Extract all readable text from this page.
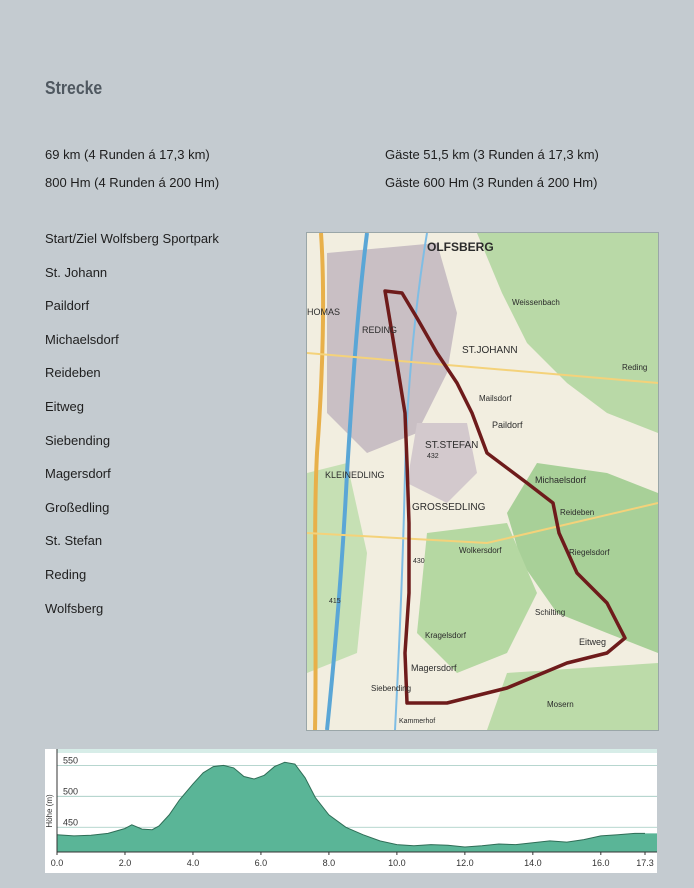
Strecke
69 km (4 Runden á 17,3 km)
800 Hm (4 Runden á 200 Hm)
Gäste 51,5 km (3 Runden á 17,3 km)
Gäste 600 Hm (3 Runden á 200 Hm)
Start/Ziel Wolfsberg Sportpark
St. Johann
Paildorf
Michaelsdorf
Reideben
Eitweg
Siebending
Magersdorf
Großedling
St. Stefan
Reding
Wolfsberg
OLFSBERG
HOMAS
REDING
Weissenbach
ST.JOHANN
Reding
Mailsdorf
Paildorf
ST.STEFAN
432
KLEINEDLING	Michaelsdorf
GROSSEDLING	Reideben
Riegelsdorf
Wolkersdorf
430
415
Schilting
Kragelsdorf
Eitweg
Magersdorf
Siebending
Mosern
Kammerhof
450
500
550
0.0	2.0	4.0	6.0	8.0	10.0	12.0	14.0	16.0	17.3
Höhe (m)
